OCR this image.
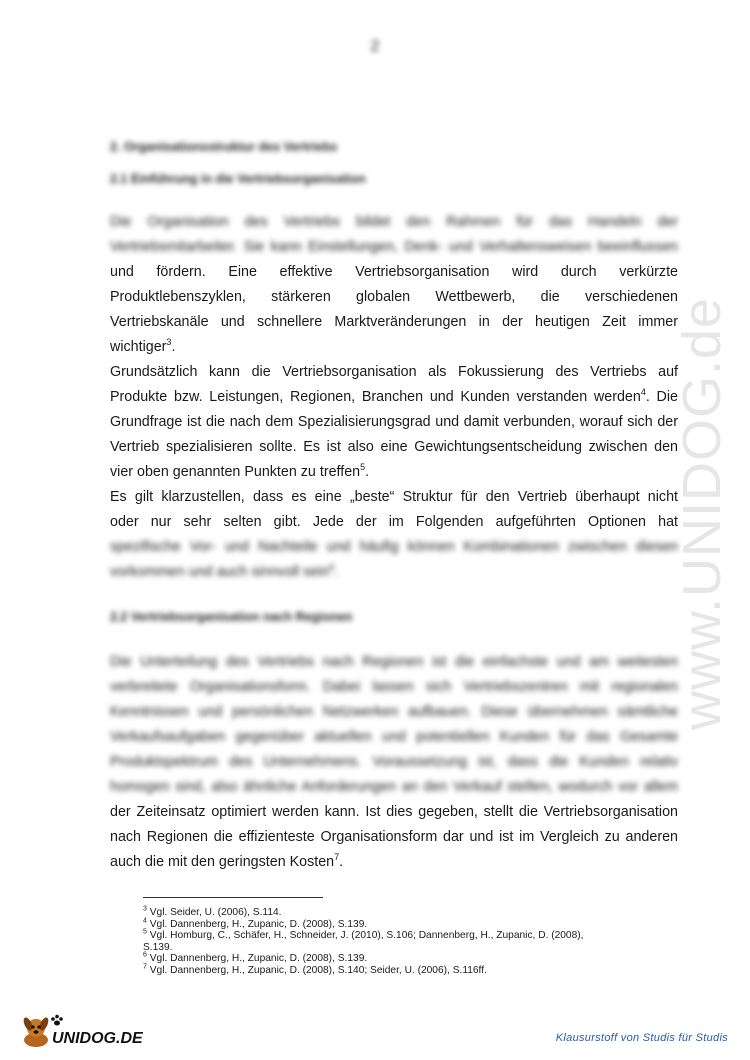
2
2. Organisationsstruktur des Vertriebs
2.1 Einführung in die Vertriebsorganisation
Die Organisation des Vertriebs bildet den Rahmen für das Handeln der
Vertriebsmitarbeiter. Sie kann Einstellungen, Denk- und Verhaltensweisen beeinflussen
und fördern. Eine effektive Vertriebsorganisation wird durch verkürzte
Produktlebenszyklen, stärkeren globalen Wettbewerb, die verschiedenen
Vertriebskanäle und schnellere Marktveränderungen in der heutigen Zeit immer
wichtiger$^3$.
Grundsätzlich kann die Vertriebsorganisation als Fokussierung des Vertriebs auf
Produkte bzw. Leistungen, Regionen, Branchen und Kunden verstanden werden$^4$. Die
Grundfrage ist die nach dem Spezialisierungsgrad und damit verbunden, worauf sich der
Vertrieb spezialisieren sollte. Es ist also eine Gewichtungsentscheidung zwischen den
vier oben genannten Punkten zu treffen$^5$.
Es gilt klarzustellen, dass es eine „beste“ Struktur für den Vertrieb überhaupt nicht
oder nur sehr selten gibt. Jede der im Folgenden aufgeführten Optionen hat
spezifische Vor- und Nachteile und häufig können Kombinationen zwischen diesen
vorkommen und auch sinnvoll sein$^6$.
2.2 Vertriebsorganisation nach Regionen
Die Unterteilung des Vertriebs nach Regionen ist die einfachste und am weitesten
verbreitete Organisationsform. Dabei lassen sich Vertriebszentren mit regionalen
Kenntnissen und persönlichen Netzwerken aufbauen. Diese übernehmen sämtliche
Verkaufsaufgaben gegenüber aktuellen und potentiellen Kunden für das Gesamte
Produktspektrum des Unternehmens. Voraussetzung ist, dass die Kunden relativ
homogen sind, also ähnliche Anforderungen an den Verkauf stellen, wodurch vor allem
der Zeiteinsatz optimiert werden kann. Ist dies gegeben, stellt die Vertriebsorganisation
nach Regionen die effizienteste Organisationsform dar und ist im Vergleich zu anderen
auch die mit den geringsten Kosten$^7$.
www.UNIDOG.de
$^3$ Vgl. Seider, U. (2006), S.114.
$^4$ Vgl. Dannenberg, H., Zupanic, D. (2008), S.139.
$^5$ Vgl. Homburg, C., Schäfer, H., Schneider, J. (2010), S.106; Dannenberg, H., Zupanic, D. (2008),
S.139.
$^6$ Vgl. Dannenberg, H., Zupanic, D. (2008), S.139.
$^7$ Vgl. Dannenberg, H., Zupanic, D. (2008), S.140; Seider, U. (2006), S.116ff.
UNIDOG.DE	Klausurstoff von Studis für Studis
